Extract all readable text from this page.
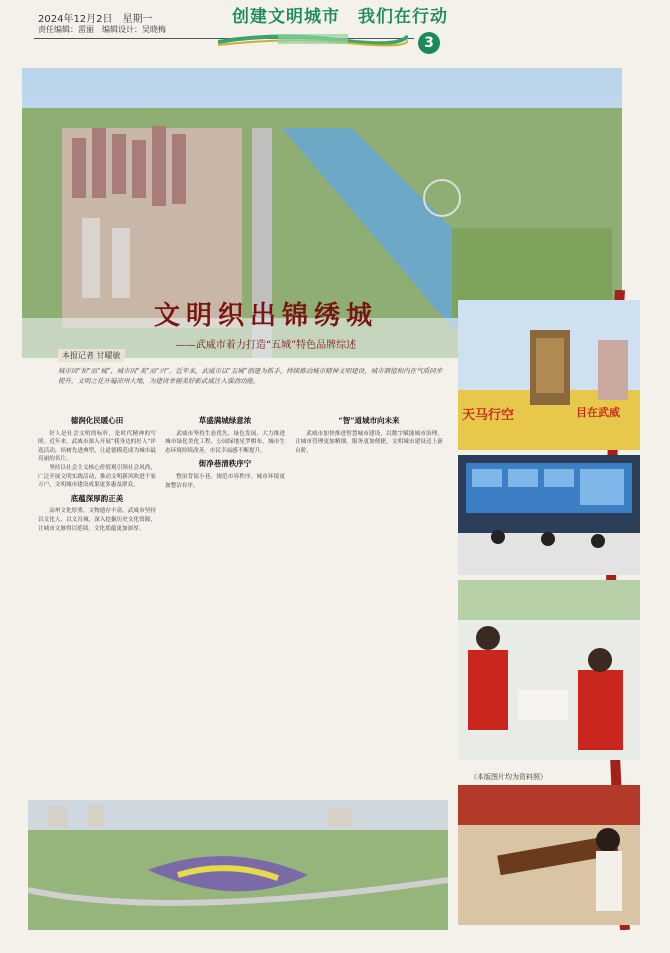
2024年12月2日　星期一
责任编辑：雷丽　编辑设计：吴晓梅
创建文明城市　我们在行动
3
文明织出锦绣城
——武威市着力打造“五城”特色品牌综述
本报记者 甘曜敏
城市因“和”而“城”，城市因“美”而“兴”。近年来，武威市以“五城”创建为抓手，持续推动城市精神文明建设，城市颜值和内在气质同步提升，文明之花开遍凉州大地，为建设幸福美好新武威注入强劲动能。
德润化民暖心田

好人是社会文明的标杆，是时代精神的写照。近年来，武威市深入开展“我身边的好人”评选活动，培树先进典型，让道德模范成为城市最亮丽的名片。

坚持以社会主义核心价值观引领社会风尚，广泛开展文明实践活动，推动文明新风吹进千家万户，文明城市建设成果更多惠及群众。

底蕴深厚韵正美

凉州文化厚重，文物遗存丰富。武威市坚持以文化人、以文育城，深入挖掘历史文化资源，让城市文脉得以延续，文化底蕴更加深厚。

草盛满城绿意浓

武威市坚持生态优先、绿色发展，大力推进城市绿化美化工程，公园绿地星罗棋布，城市生态环境持续改善，市民幸福感不断提升。

街净巷清秩序宁

整治背街小巷，规范市容秩序，城市环境更加整洁有序。

“智”道城市向未来

武威市加快推进智慧城市建设，以数字赋能城市治理，让城市管理更加精细、服务更加便捷，文明城市建设迈上新台阶。

天马行空	目在武威
（本版图片均为资料照）
